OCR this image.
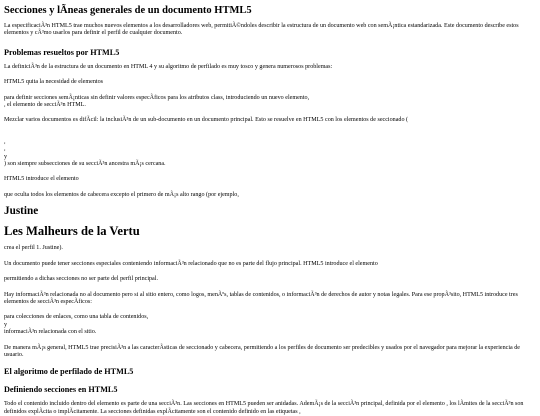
Secciones y lÃneas generales de un documento HTML5

La especificaciÃ³n HTML5 trae muchos nuevos elementos a los desarrolladores web, permitiÃ©ndoles describir la estructura de un documento web con semÃ¡ntica estandarizada. Este documento describe estos elementos y cÃ³mo usarlos para definir el perfil de cualquier documento.

Problemas resueltos por HTML5

La definiciÃ³n de la estructura de un documento en HTML 4 y su algoritmo de perfilado es muy tosco y genera numerosos problemas:

HTML5 quita la necesidad de elementos

para definir secciones semÃ¡nticas sin definir valores especÃficos para los atributos class, introduciendo un nuevo elemento,

, el elemento de secciÃ³n HTML.

Mezclar varios documentos es difÃcil: la inclusiÃ³n de un sub-documento en un documento principal. Esto se resuelve en HTML5 con los elementos de seccionado (

,

,

y

) son siempre subsecciones de su secciÃ³n ancestra mÃ¡s cercana.

HTML5 introduce el elemento

que oculta todos los elementos de cabecera excepto el primero de mÃ¡s alto rango (por ejemplo,

Justine
Les Malheurs de la Vertu

crea el perfil 1. Justine).

Un documento puede tener secciones especiales conteniendo informaciÃ³n relacionado que no es parte del flujo principal. HTML5 introduce el elemento

permitiendo a dichas secciones no ser parte del perfil principal.

Hay informaciÃ³n relacionada no al documento pero si al sitio entero, como logos, menÃºs, tablas de contenidos, o informaciÃ³n de derechos de autor y notas legales. Para ese propÃ³sito, HTML5 introduce tres elementos de secciÃ³n especÃficos:

para colecciones de enlaces, como una tabla de contenidos,

y

informaciÃ³n relacionada con el sitio.

De manera mÃ¡s general, HTML5 trae precisiÃ³n a las caracterÃsticas de seccionado y cabecera, permitiendo a los perfiles de documento ser predecibles y usados por el navegador para mejorar la experiencia de usuario.

El algoritmo de perfilado de HTML5
Definiendo secciones en HTML5

Todo el contenido incluido dentro del elemento es parte de una secciÃ³n. Las secciones en HTML5 pueden ser anidadas. AdemÃ¡s de la secciÃ³n principal, definida por el elemento , los lÃmites de la secciÃ³n son definidos explÃcita o implÃcitamente. La secciones definidas explÃcitamente son el contenido definido en las etiquetas ,
